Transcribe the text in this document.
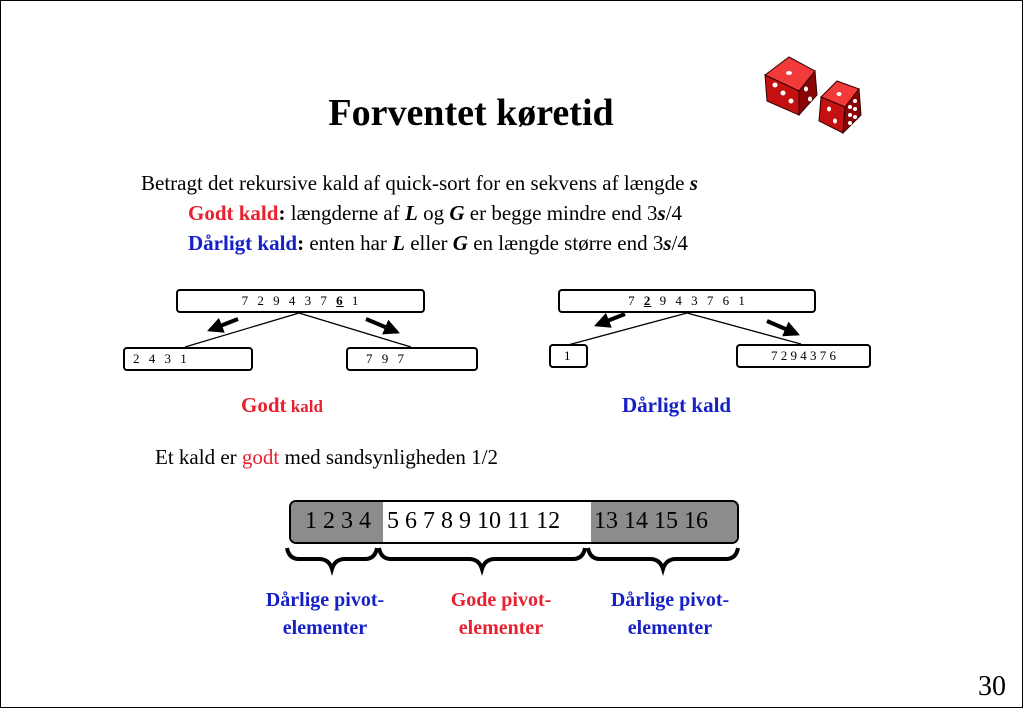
Forventet køretid
Betragt det rekursive kald af quick-sort for en sekvens af længde s
Godt kald: længderne af L og G er begge mindre end 3s/4
Dårligt kald: enten har L eller G en længde større end 3s/4
7 2 9 4 3 7 6 1
2 4 3 1	7 9 7
Godt kald
7 2 9 4 3 7 6 1
1	7 2 9 4 3 7 6
Dårligt kald
Et kald er godt med sandsynligheden 1/2
1 2 3 4 5 6 7 8 9 10 11 12 13 14 15 16
Dårlige pivot-
elementer
Gode pivot-
elementer
Dårlige pivot-
elementer
30
